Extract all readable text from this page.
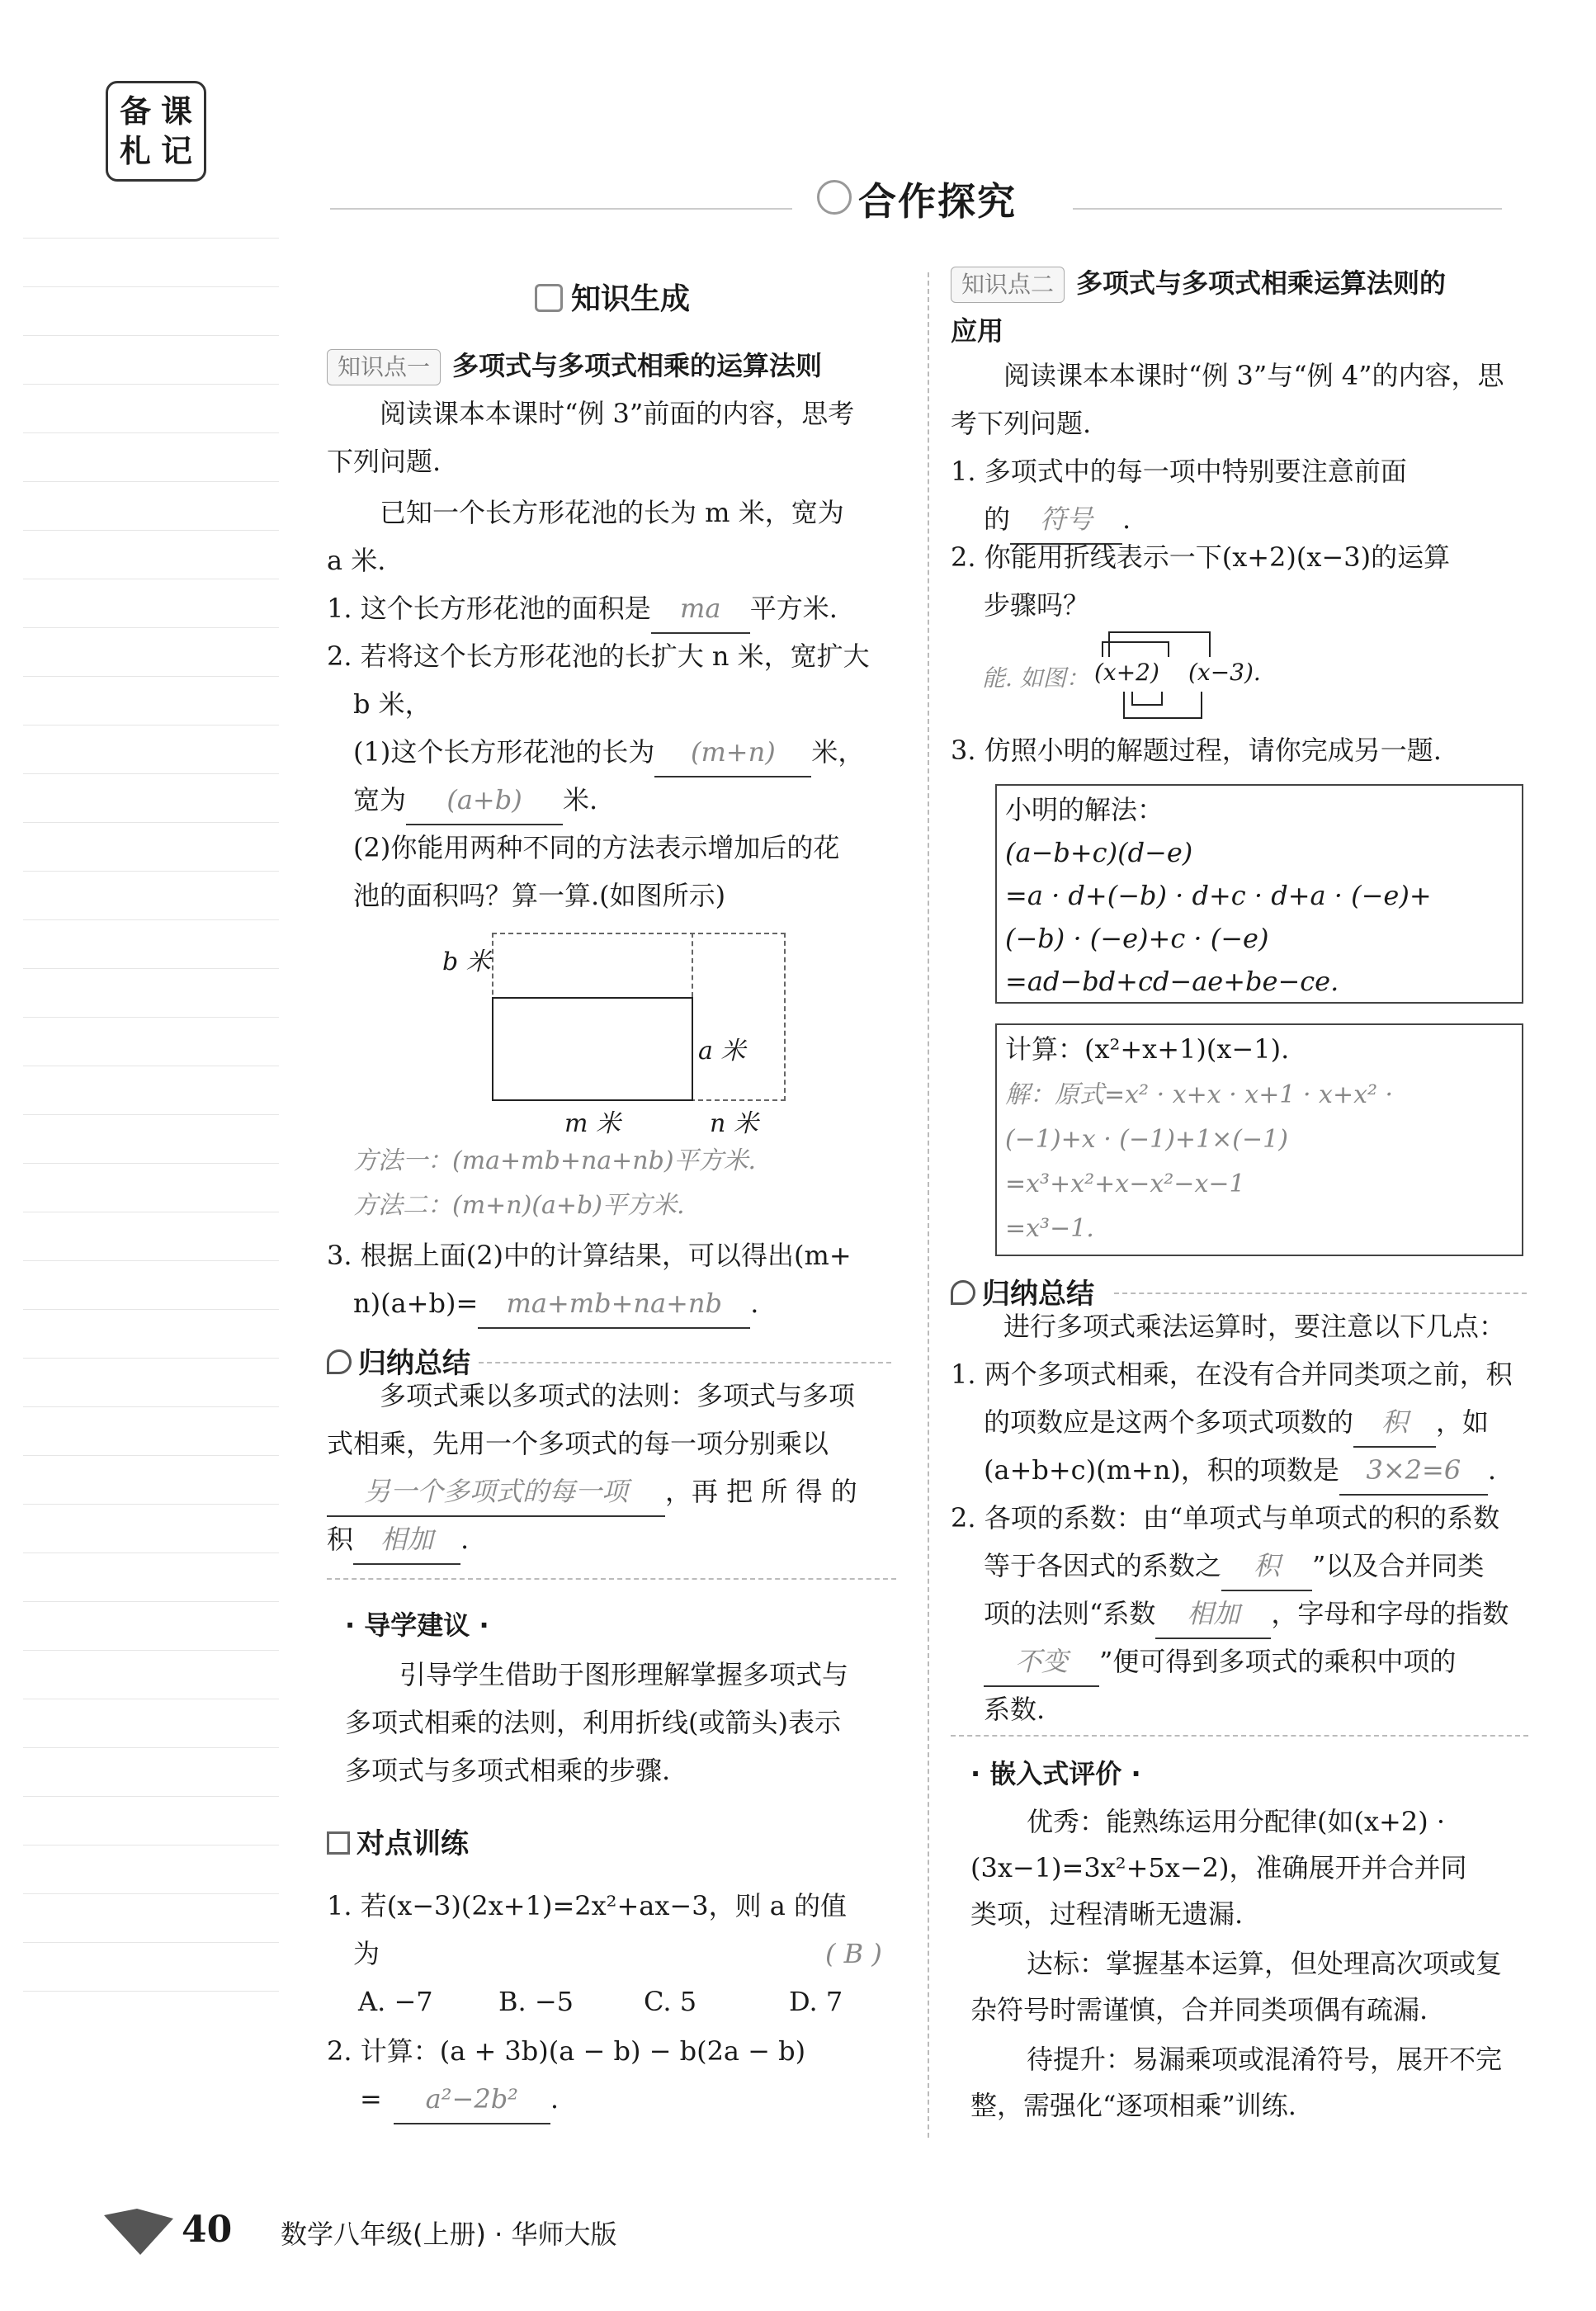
备 课
札 记
合作探究
知识生成
知识点一 多项式与多项式相乘的运算法则
阅读课本本课时“例 3”前面的内容，思考
下列问题.
已知一个长方形花池的长为 m 米，宽为
a 米.
1. 这个长方形花池的面积是 ma 平方米.
2. 若将这个长方形花池的长扩大 n 米，宽扩大
b 米，
(1)这个长方形花池的长为 (m+n) 米，
宽为 (a+b) 米.
(2)你能用两种不同的方法表示增加后的花
池的面积吗？算一算.(如图所示)
b 米
a 米
m 米	n 米
方法一：(ma+mb+na+nb)平方米.
方法二：(m+n)(a+b)平方米.
3. 根据上面(2)中的计算结果，可以得出(m+
n)(a+b)= ma+mb+na+nb .
归纳总结
多项式乘以多项式的法则：多项式与多项
式相乘，先用一个多项式的每一项分别乘以
另一个多项式的每一项 ，再 把 所 得 的
积 相加 .
· 导学建议 ·
引导学生借助于图形理解掌握多项式与
多项式相乘的法则，利用折线(或箭头)表示
多项式与多项式相乘的步骤.
对点训练
1. 若(x−3)(2x+1)=2x²+ax−3，则 a 的值
为	( B )
A. −7 B. −5	C. 5	D. 7
2. 计算：(a + 3b)(a − b) − b(2a − b)
= a²−2b² .
知识点二 多项式与多项式相乘运算法则的
应用
阅读课本本课时“例 3”与“例 4”的内容，思
考下列问题.
1. 多项式中的每一项中特别要注意前面
的 符号 .
2. 你能用折线表示一下(x+2)(x−3)的运算
步骤吗？
能. 如图： (x+2) (x−3).
3. 仿照小明的解题过程，请你完成另一题.
小明的解法：
(a−b+c)(d−e)
=a · d+(−b) · d+c · d+a · (−e)+
(−b) · (−e)+c · (−e)
=ad−bd+cd−ae+be−ce.
计算：(x²+x+1)(x−1).
解：原式=x² · x+x · x+1 · x+x² ·
(−1)+x · (−1)+1×(−1)
=x³+x²+x−x²−x−1
=x³−1.
归纳总结
进行多项式乘法运算时，要注意以下几点：
1. 两个多项式相乘，在没有合并同类项之前，积
的项数应是这两个多项式项数的 积 ，如
(a+b+c)(m+n)，积的项数是 3×2=6 .
2. 各项的系数：由“单项式与单项式的积的系数
等于各因式的系数之 积 ”以及合并同类
项的法则“系数 相加 ，字母和字母的指数
不变 ”便可得到多项式的乘积中项的
系数.
· 嵌入式评价 ·
优秀：能熟练运用分配律(如(x+2) ·
(3x−1)=3x²+5x−2)，准确展开并合并同
类项，过程清晰无遗漏.
达标：掌握基本运算，但处理高次项或复
杂符号时需谨慎，合并同类项偶有疏漏.
待提升：易漏乘项或混淆符号，展开不完
整，需强化“逐项相乘”训练.
40 数学八年级(上册) · 华师大版
